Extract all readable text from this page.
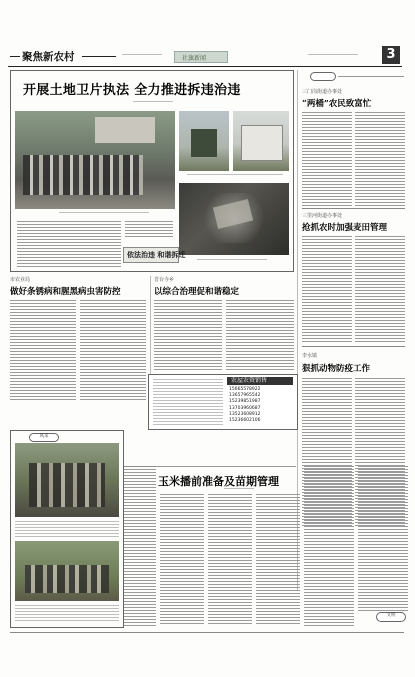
聚焦新农村	社旗新闻	3
开展土地卫片执法 全力推进拆违治违
依法治违 和谐拆迁
三门岗街道办事处
“两桶”农民致富忙
三里河街道办事处
抢抓农时加强麦田管理
李水镇
狠抓动物防疫工作
市农业局
做好条锈病和腥黑病虫害防控
晋台寺乡
以综合治理促和谐稳定
农屋农资销售
15665578922
13657965542
15239851987
13703960687
13523608912
15236602106
风采
玉米播前准备及苗期管理
文明
